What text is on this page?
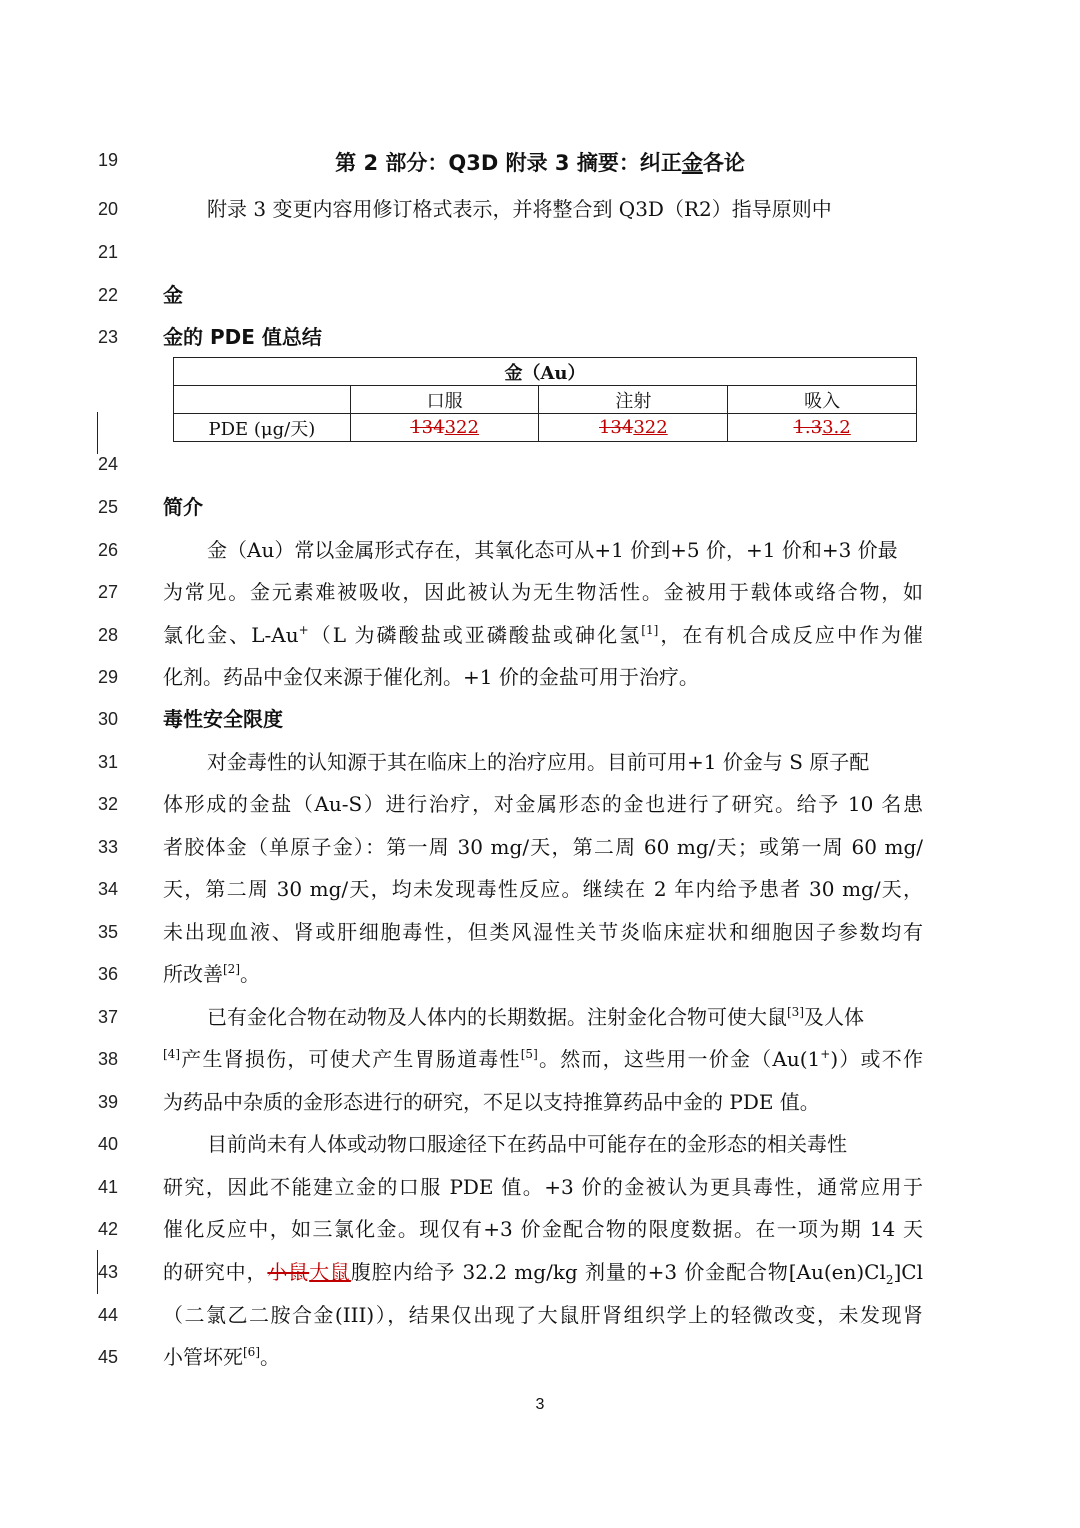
19
20
21
22
23
24
25
26
27
28
29
30
31
32
33
34
35
36
37
38
39
40
41
42
43
44
45
第 2 部分：Q3D 附录 3 摘要：纠正金各论
附录 3 变更内容用修订格式表示，并将整合到 Q3D（R2）指导原则中
金
金的 PDE 值总结
金（Au）			
	口服	注射	吸入
PDE (μg/天)	134322	134322	1.33.2
简介
金（Au）常以金属形式存在，其氧化态可从+1 价到+5 价，+1 价和+3 价最
为常见。金元素难被吸收，因此被认为无生物活性。金被用于载体或络合物，如
氯化金、L-Au+（L 为磷酸盐或亚磷酸盐或砷化氢[1]，在有机合成反应中作为催
化剂。药品中金仅来源于催化剂。+1 价的金盐可用于治疗。
毒性安全限度
对金毒性的认知源于其在临床上的治疗应用。目前可用+1 价金与 S 原子配
体形成的金盐（Au-S）进行治疗，对金属形态的金也进行了研究。给予 10 名患
者胶体金（单原子金）：第一周 30 mg/天，第二周 60 mg/天；或第一周 60 mg/
天，第二周 30 mg/天，均未发现毒性反应。继续在 2 年内给予患者 30 mg/天，
未出现血液、肾或肝细胞毒性，但类风湿性关节炎临床症状和细胞因子参数均有
所改善[2]。
已有金化合物在动物及人体内的长期数据。注射金化合物可使大鼠[3]及人体
[4]产生肾损伤，可使犬产生胃肠道毒性[5]。然而，这些用一价金（Au(1+)）或不作
为药品中杂质的金形态进行的研究，不足以支持推算药品中金的 PDE 值。
目前尚未有人体或动物口服途径下在药品中可能存在的金形态的相关毒性
研究，因此不能建立金的口服 PDE 值。+3 价的金被认为更具毒性，通常应用于
催化反应中，如三氯化金。现仅有+3 价金配合物的限度数据。在一项为期 14 天
的研究中，小鼠大鼠腹腔内给予 32.2 mg/kg 剂量的+3 价金配合物$[Au(en)Cl_2]Cl$
（二氯乙二胺合金(III)），结果仅出现了大鼠肝肾组织学上的轻微改变，未发现肾
小管坏死[6]。
3
